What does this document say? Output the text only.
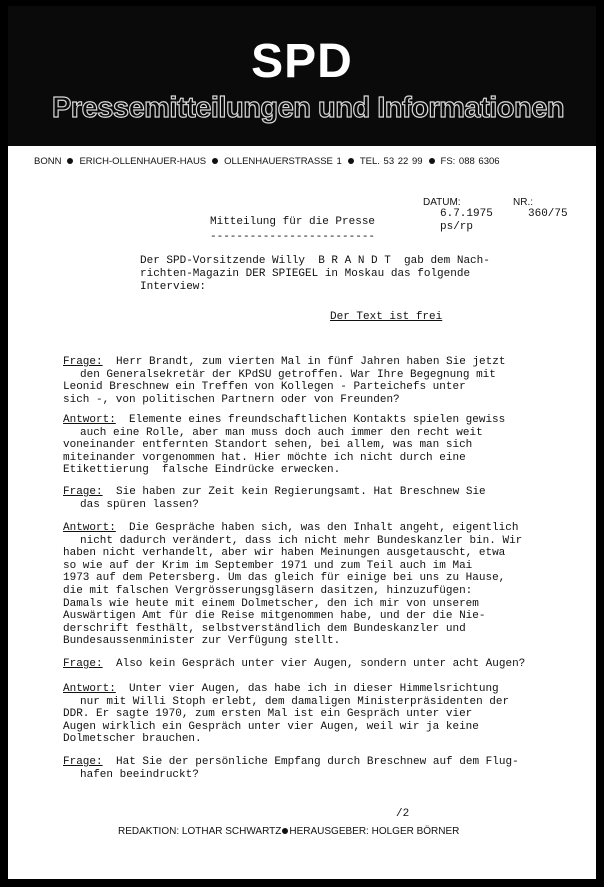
SPD
Pressemitteilungen und Informationen
BONN ERICH-OLLENHAUER-HAUS OLLENHAUERSTRASSE 1 TEL. 53 22 99 FS: 088 6306
DATUM:
6.7.1975
ps/rp
NR.:
360/75
Mitteilung für die Presse
-------------------------
Der SPD-Vorsitzende Willy  B R A N D T  gab dem Nach-
richten-Magazin DER SPIEGEL in Moskau das folgende
Interview:
Der Text ist frei
Frage: Herr Brandt, zum vierten Mal in fünf Jahren haben Sie jetzt
den Generalsekretär der KPdSU getroffen. War Ihre Begegnung mit
Leonid Breschnew ein Treffen von Kollegen - Parteichefs unter
sich -, von politischen Partnern oder von Freunden?
Antwort: Elemente eines freundschaftlichen Kontakts spielen gewiss
auch eine Rolle, aber man muss doch auch immer den recht weit
voneinander entfernten Standort sehen, bei allem, was man sich
miteinander vorgenommen hat. Hier möchte ich nicht durch eine
Etikettierung  falsche Eindrücke erwecken.
Frage: Sie haben zur Zeit kein Regierungsamt. Hat Breschnew Sie
das spüren lassen?
Antwort: Die Gespräche haben sich, was den Inhalt angeht, eigentlich
nicht dadurch verändert, dass ich nicht mehr Bundeskanzler bin. Wir
haben nicht verhandelt, aber wir haben Meinungen ausgetauscht, etwa
so wie auf der Krim im September 1971 und zum Teil auch im Mai
1973 auf dem Petersberg. Um das gleich für einige bei uns zu Hause,
die mit falschen Vergrösserungsgläsern dasitzen, hinzuzufügen:
Damals wie heute mit einem Dolmetscher, den ich mir von unserem
Auswärtigen Amt für die Reise mitgenommen habe, und der die Nie-
derschrift festhält, selbstverständlich dem Bundeskanzler und
Bundesaussenminister zur Verfügung stellt.
Frage: Also kein Gespräch unter vier Augen, sondern unter acht Augen?
Antwort: Unter vier Augen, das habe ich in dieser Himmelsrichtung
nur mit Willi Stoph erlebt, dem damaligen Ministerpräsidenten der
DDR. Er sagte 1970, zum ersten Mal ist ein Gespräch unter vier
Augen wirklich ein Gespräch unter vier Augen, weil wir ja keine
Dolmetscher brauchen.
Frage: Hat Sie der persönliche Empfang durch Breschnew auf dem Flug-
hafen beeindruckt?
/2
REDAKTION: LOTHAR SCHWARTZ HERAUSGEBER: HOLGER BÖRNER
